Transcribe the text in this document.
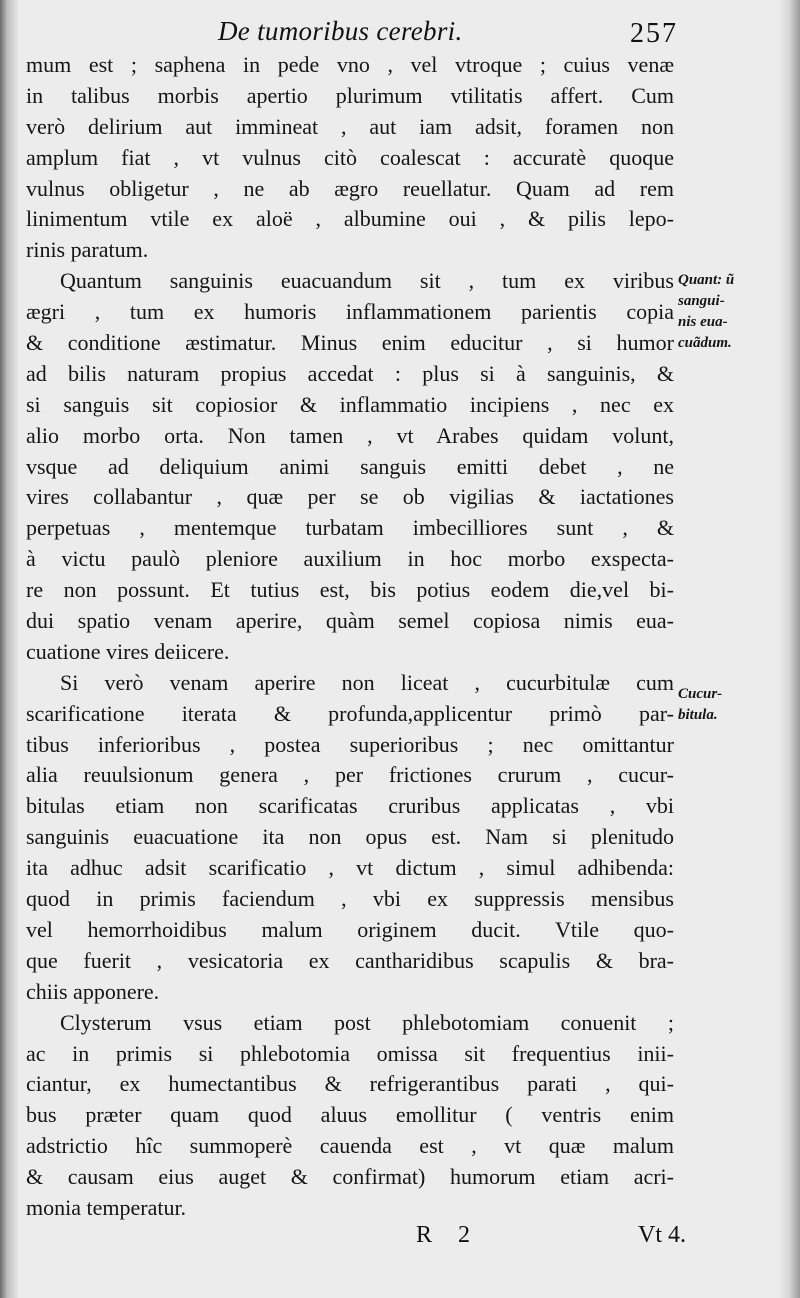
De tumoribus cerebri.	257
mum est ; saphena in pede vno , vel vtroque ; cuius venæ
in talibus morbis apertio plurimum vtilitatis affert. Cum
verò delirium aut immineat , aut iam adsit, foramen non
amplum fiat , vt vulnus citò coalescat : accuratè quoque
vulnus obligetur , ne ab ægro reuellatur. Quam ad rem
linimentum vtile ex aloë , albumine oui , & pilis lepo-
rinis paratum.
Quantum sanguinis euacuandum sit , tum ex viribus
ægri , tum ex humoris inflammationem parientis copia
& conditione æstimatur. Minus enim educitur , si humor
ad bilis naturam propius accedat : plus si à sanguinis, &
si sanguis sit copiosior & inflammatio incipiens , nec ex
alio morbo orta. Non tamen , vt Arabes quidam volunt,
vsque ad deliquium animi sanguis emitti debet , ne
vires collabantur , quæ per se ob vigilias & iactationes
perpetuas , mentemque turbatam imbecilliores sunt , &
à victu paulò pleniore auxilium in hoc morbo exspecta-
re non possunt. Et tutius est, bis potius eodem die,vel bi-
dui spatio venam aperire, quàm semel copiosa nimis eua-
cuatione vires deiicere.
Si verò venam aperire non liceat , cucurbitulæ cum
scarificatione iterata & profunda,applicentur primò par-
tibus inferioribus , postea superioribus ; nec omittantur
alia reuulsionum genera , per frictiones crurum , cucur-
bitulas etiam non scarificatas cruribus applicatas , vbi
sanguinis euacuatione ita non opus est. Nam si plenitudo
ita adhuc adsit scarificatio , vt dictum , simul adhibenda:
quod in primis faciendum , vbi ex suppressis mensibus
vel hemorrhoidibus malum originem ducit. Vtile quo-
que fuerit , vesicatoria ex cantharidibus scapulis & bra-
chiis apponere.
Clysterum vsus etiam post phlebotomiam conuenit ;
ac in primis si phlebotomia omissa sit frequentius inii-
ciantur, ex humectantibus & refrigerantibus parati , qui-
bus præter quam quod aluus emollitur ( ventris enim
adstrictio hîc summoperè cauenda est , vt quæ malum
& causam eius auget & confirmat) humorum etiam acri-
monia temperatur.
Quant: ũ
sangui-
nis eua-
cuãdum.
Cucur-
bitula.
R 2	Vt 4.
